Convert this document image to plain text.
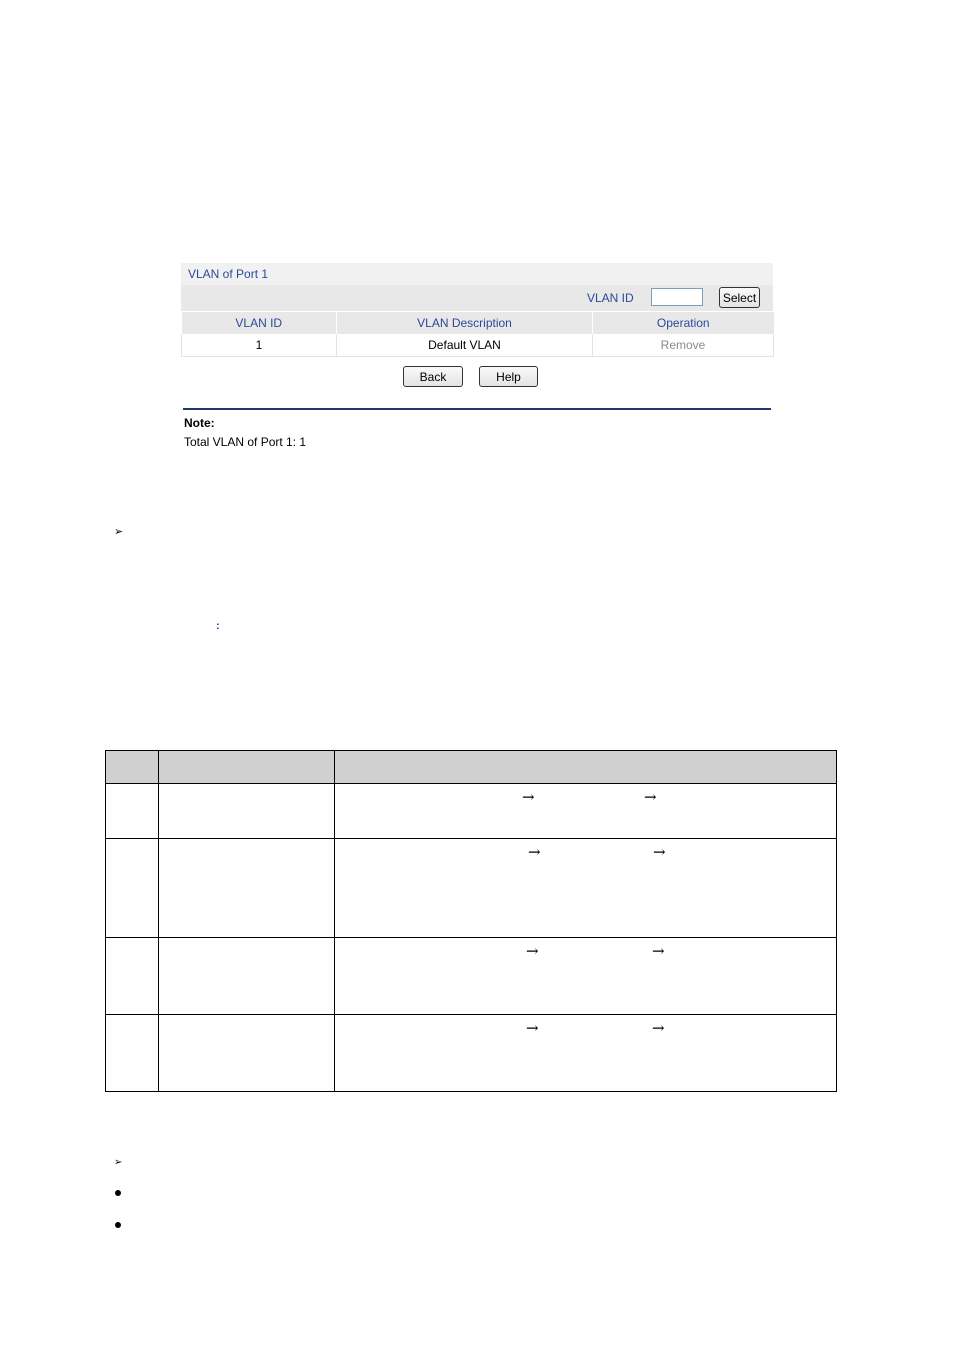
VLAN of Port 1
VLAN ID	Select
VLAN ID	VLAN Description	Operation
1	Default VLAN	Remove
Back	Help
Note:
Total VLAN of Port 1: 1
➢
:

		→ →

		→ →

		→ →

		→ →
➢
